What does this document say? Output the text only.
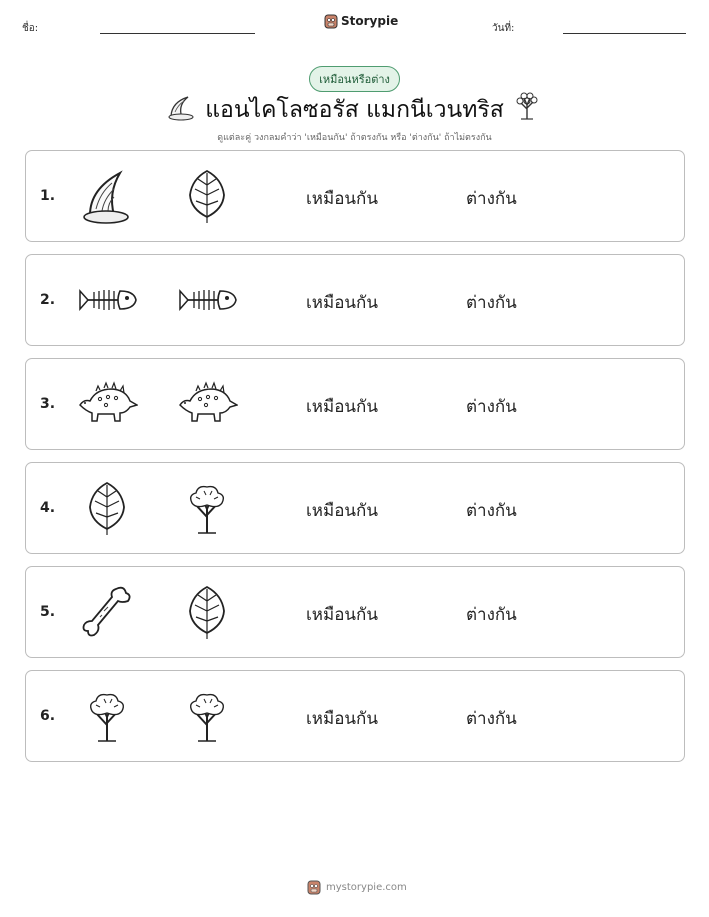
ชื่อ:
Storypie
วันที่:
เหมือนหรือต่าง
แอนไคโลซอรัส แมกนีเวนทริส
ดูแต่ละคู่ วงกลมคำว่า 'เหมือนกัน' ถ้าตรงกัน หรือ 'ต่างกัน' ถ้าไม่ตรงกัน
1.	เหมือนกัน	ต่างกัน
2.	เหมือนกัน	ต่างกัน
3.	เหมือนกัน	ต่างกัน
4.	เหมือนกัน	ต่างกัน
5.	เหมือนกัน	ต่างกัน
6.	เหมือนกัน	ต่างกัน
mystorypie.com
